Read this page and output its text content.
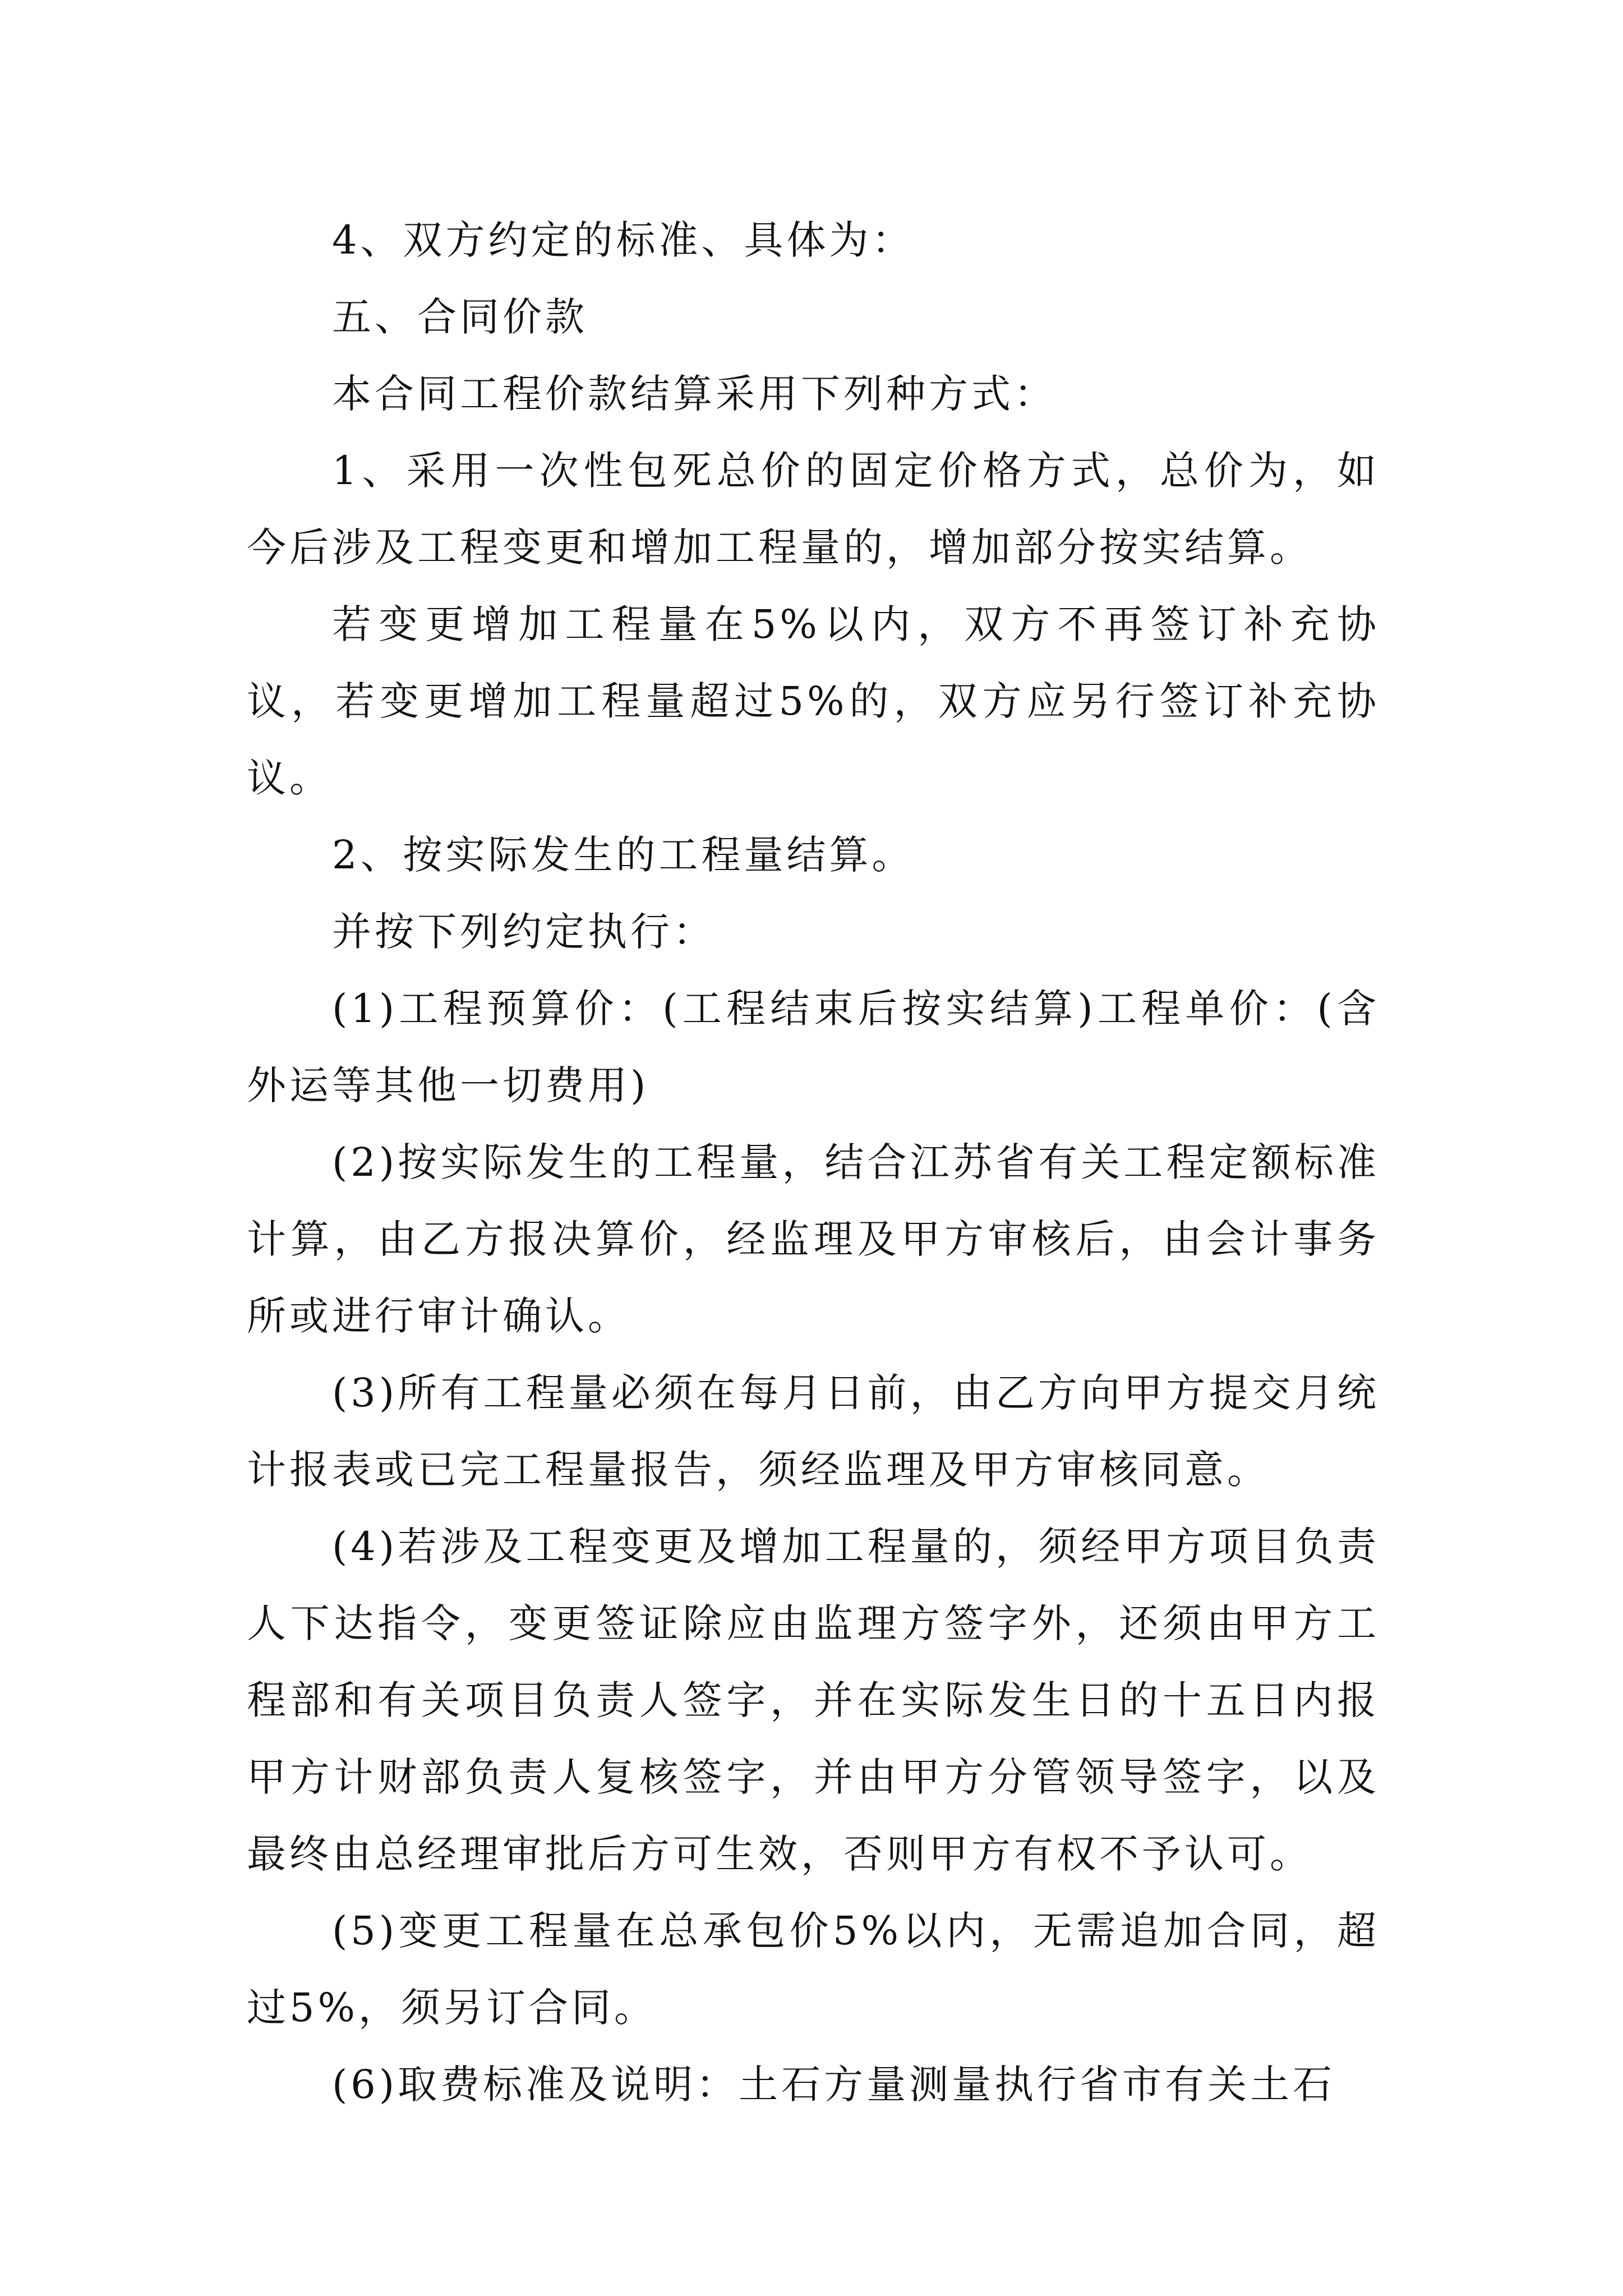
4、双方约定的标准、具体为：

五、合同价款

本合同工程价款结算采用下列种方式：

1、采用一次性包死总价的固定价格方式，总价为，如今后涉及工程变更和增加工程量的，增加部分按实结算。

若变更增加工程量在5%以内，双方不再签订补充协议，若变更增加工程量超过5%的，双方应另行签订补充协议。

2、按实际发生的工程量结算。

并按下列约定执行：

(1)工程预算价：(工程结束后按实结算)工程单价：(含外运等其他一切费用)

(2)按实际发生的工程量，结合江苏省有关工程定额标准计算，由乙方报决算价，经监理及甲方审核后，由会计事务所或进行审计确认。

(3)所有工程量必须在每月日前，由乙方向甲方提交月统计报表或已完工程量报告，须经监理及甲方审核同意。

(4)若涉及工程变更及增加工程量的，须经甲方项目负责人下达指令，变更签证除应由监理方签字外，还须由甲方工程部和有关项目负责人签字，并在实际发生日的十五日内报甲方计财部负责人复核签字，并由甲方分管领导签字，以及最终由总经理审批后方可生效，否则甲方有权不予认可。

(5)变更工程量在总承包价5%以内，无需追加合同，超过5%，须另订合同。

(6)取费标准及说明：土石方量测量执行省市有关土石
